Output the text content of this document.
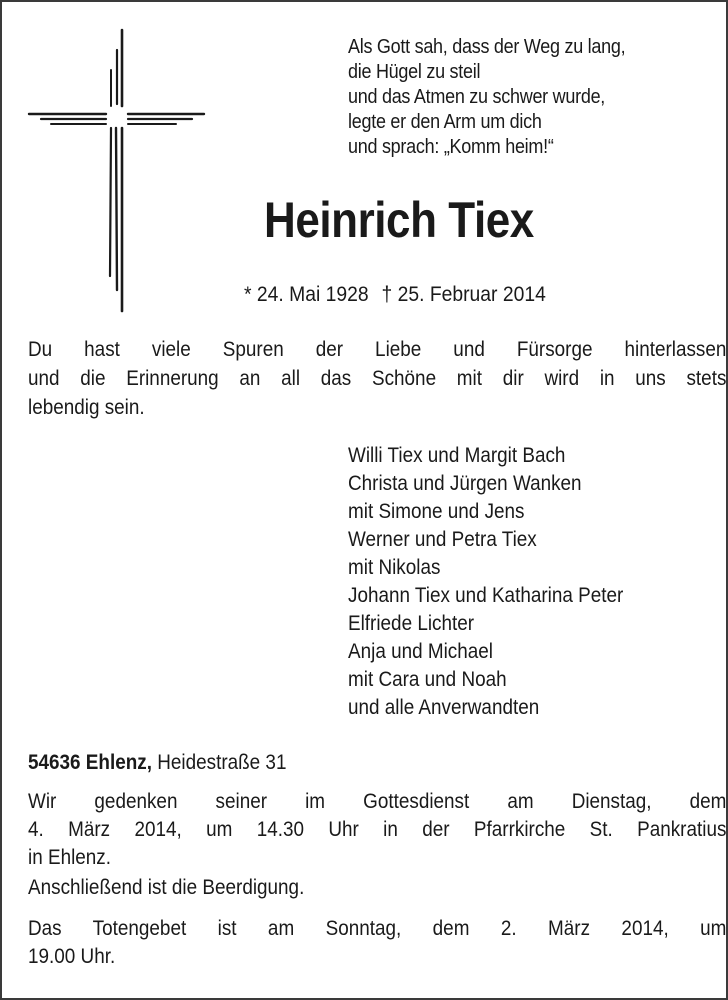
Als Gott sah, dass der Weg zu lang,
die Hügel zu steil
und das Atmen zu schwer wurde,
legte er den Arm um dich
und sprach: „Komm heim!“
Heinrich Tiex
* 24. Mai 1928 † 25. Februar 2014
Du hast viele Spuren der Liebe und Fürsorge hinterlassen
und die Erinnerung an all das Schöne mit dir wird in uns stets
lebendig sein.
Willi Tiex und Margit Bach
Christa und Jürgen Wanken
mit Simone und Jens
Werner und Petra Tiex
mit Nikolas
Johann Tiex und Katharina Peter
Elfriede Lichter
Anja und Michael
mit Cara und Noah
und alle Anverwandten
54636 Ehlenz, Heidestraße 31
Wir gedenken seiner im Gottesdienst am Dienstag, dem
4. März 2014, um 14.30 Uhr in der Pfarrkirche St. Pankratius
in Ehlenz.
Anschließend ist die Beerdigung.
Das Totengebet ist am Sonntag, dem 2. März 2014, um
19.00 Uhr.
